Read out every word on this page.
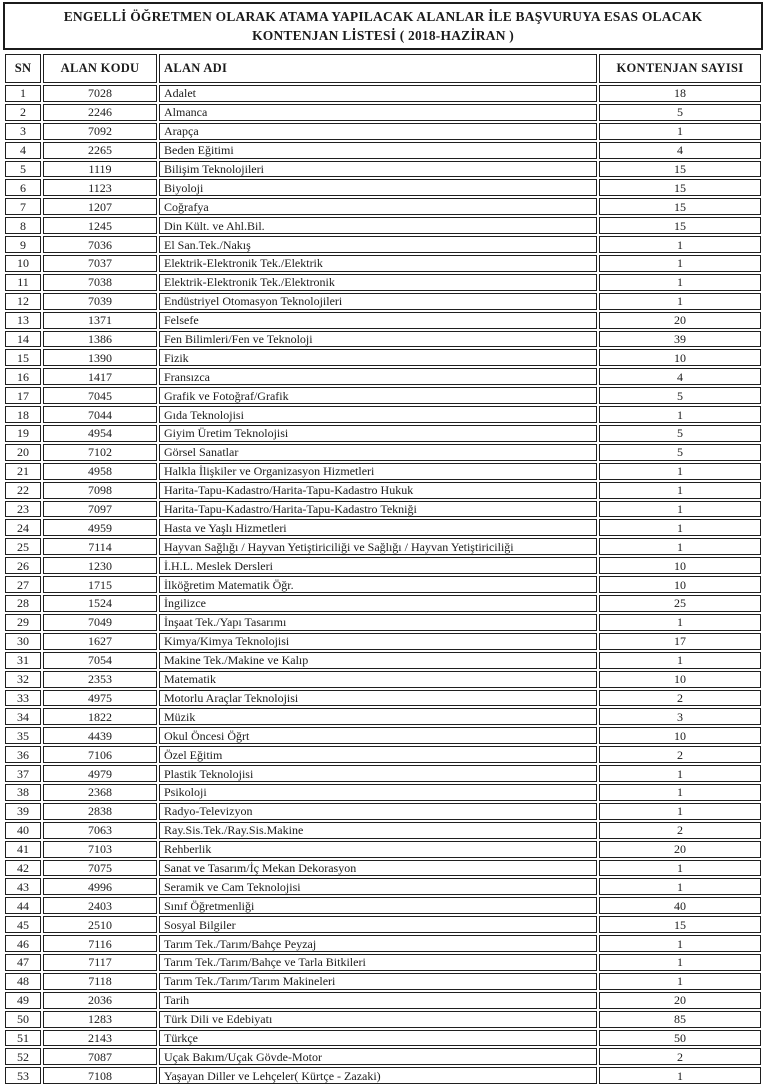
ENGELLİ ÖĞRETMEN OLARAK ATAMA YAPILACAK ALANLAR İLE BAŞVURUYA ESAS OLACAK
KONTENJAN LİSTESİ ( 2018-HAZİRAN )
SN	ALAN KODU	ALAN ADI	KONTENJAN SAYISI
1	7028	Adalet	18
2	2246	Almanca	5
3	7092	Arapça	1
4	2265	Beden Eğitimi	4
5	1119	Bilişim Teknolojileri	15
6	1123	Biyoloji	15
7	1207	Coğrafya	15
8	1245	Din Kült. ve Ahl.Bil.	15
9	7036	El San.Tek./Nakış	1
10	7037	Elektrik-Elektronik Tek./Elektrik	1
11	7038	Elektrik-Elektronik Tek./Elektronik	1
12	7039	Endüstriyel Otomasyon Teknolojileri	1
13	1371	Felsefe	20
14	1386	Fen Bilimleri/Fen ve Teknoloji	39
15	1390	Fizik	10
16	1417	Fransızca	4
17	7045	Grafik ve Fotoğraf/Grafik	5
18	7044	Gıda Teknolojisi	1
19	4954	Giyim Üretim Teknolojisi	5
20	7102	Görsel Sanatlar	5
21	4958	Halkla İlişkiler ve Organizasyon Hizmetleri	1
22	7098	Harita-Tapu-Kadastro/Harita-Tapu-Kadastro Hukuk	1
23	7097	Harita-Tapu-Kadastro/Harita-Tapu-Kadastro Tekniği	1
24	4959	Hasta ve Yaşlı Hizmetleri	1
25	7114	Hayvan Sağlığı / Hayvan Yetiştiriciliği ve Sağlığı / Hayvan Yetiştiriciliği	1
26	1230	İ.H.L. Meslek Dersleri	10
27	1715	İlköğretim Matematik Öğr.	10
28	1524	İngilizce	25
29	7049	İnşaat Tek./Yapı Tasarımı	1
30	1627	Kimya/Kimya Teknolojisi	17
31	7054	Makine Tek./Makine ve Kalıp	1
32	2353	Matematik	10
33	4975	Motorlu Araçlar Teknolojisi	2
34	1822	Müzik	3
35	4439	Okul Öncesi Öğrt	10
36	7106	Özel Eğitim	2
37	4979	Plastik Teknolojisi	1
38	2368	Psikoloji	1
39	2838	Radyo-Televizyon	1
40	7063	Ray.Sis.Tek./Ray.Sis.Makine	2
41	7103	Rehberlik	20
42	7075	Sanat ve Tasarım/İç Mekan Dekorasyon	1
43	4996	Seramik ve Cam Teknolojisi	1
44	2403	Sınıf Öğretmenliği	40
45	2510	Sosyal Bilgiler	15
46	7116	Tarım Tek./Tarım/Bahçe Peyzaj	1
47	7117	Tarım Tek./Tarım/Bahçe ve Tarla Bitkileri	1
48	7118	Tarım Tek./Tarım/Tarım Makineleri	1
49	2036	Tarih	20
50	1283	Türk Dili ve Edebiyatı	85
51	2143	Türkçe	50
52	7087	Uçak Bakım/Uçak Gövde-Motor	2
53	7108	Yaşayan Diller ve Lehçeler( Kürtçe - Zazaki)	1
